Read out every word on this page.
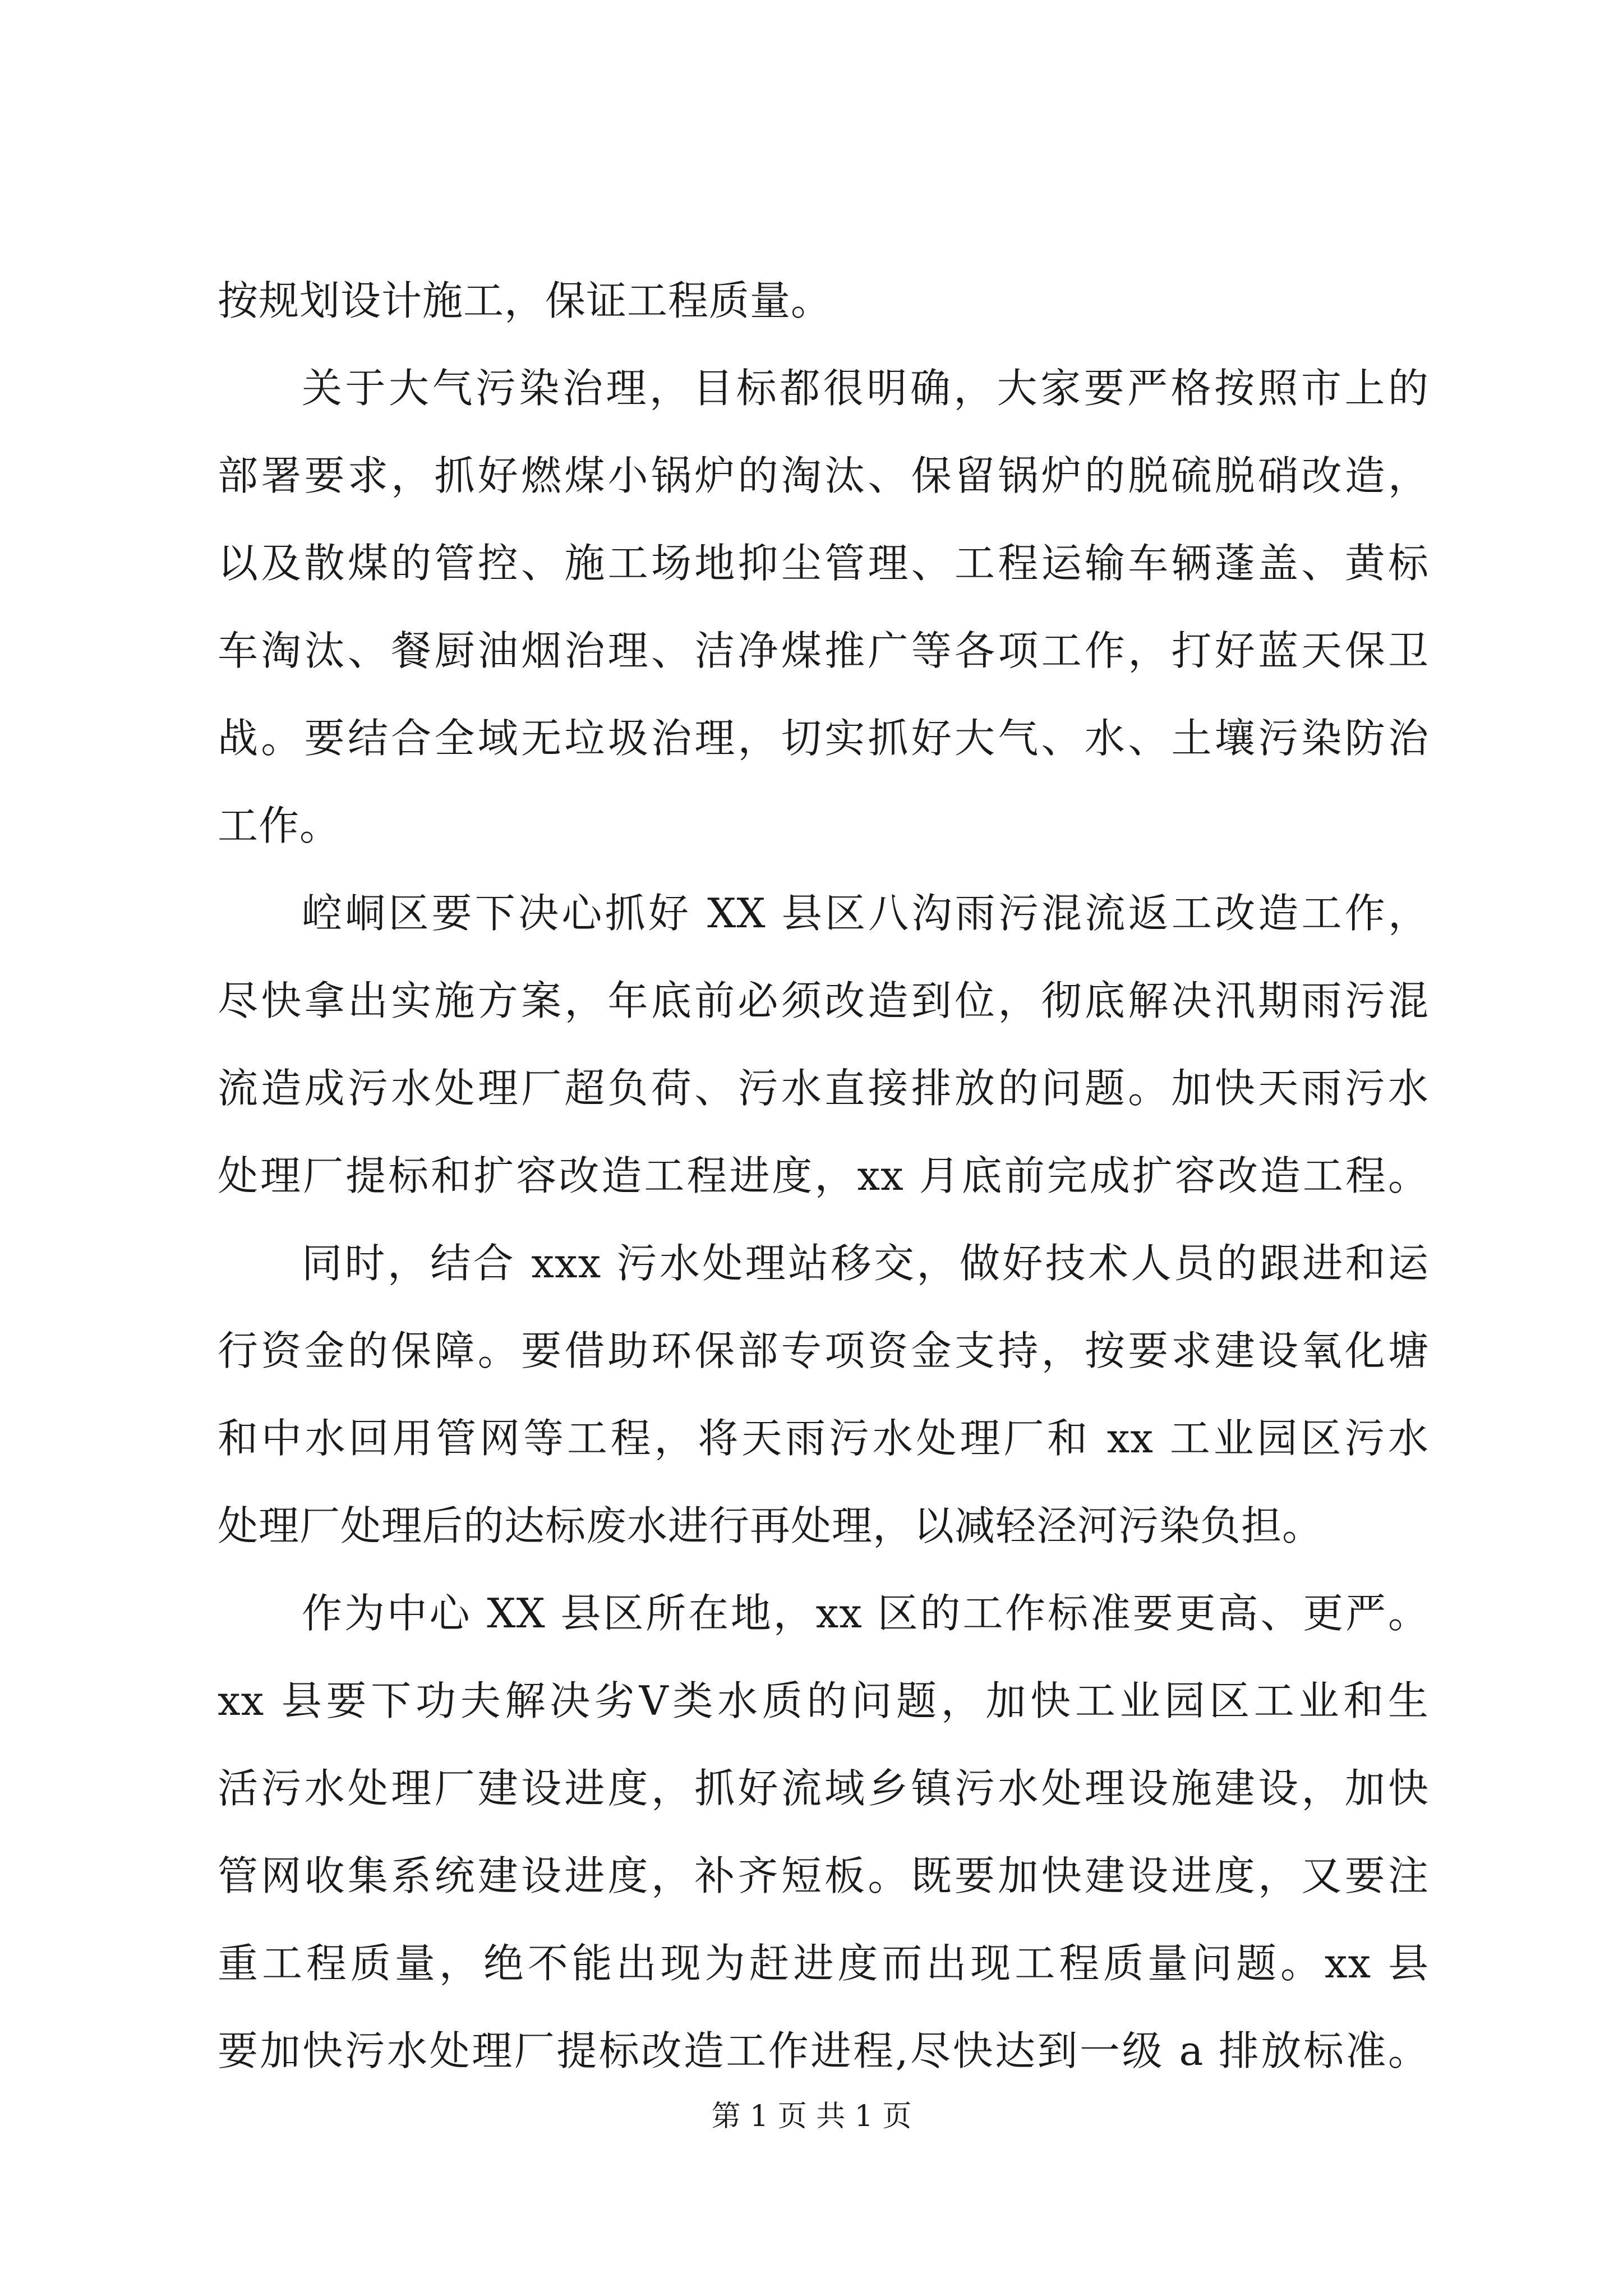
按规划设计施工，保证工程质量。
关于大气污染治理，目标都很明确，大家要严格按照市上的
部署要求，抓好燃煤小锅炉的淘汰、保留锅炉的脱硫脱硝改造，
以及散煤的管控、施工场地抑尘管理、工程运输车辆蓬盖、黄标
车淘汰、餐厨油烟治理、洁净煤推广等各项工作，打好蓝天保卫
战。要结合全域无垃圾治理，切实抓好大气、水、土壤污染防治
工作。
崆峒区要下决心抓好 XX 县区八沟雨污混流返工改造工作，
尽快拿出实施方案，年底前必须改造到位，彻底解决汛期雨污混
流造成污水处理厂超负荷、污水直接排放的问题。加快天雨污水
处理厂提标和扩容改造工程进度，xx 月底前完成扩容改造工程。
同时，结合 xxx 污水处理站移交，做好技术人员的跟进和运
行资金的保障。要借助环保部专项资金支持，按要求建设氧化塘
和中水回用管网等工程，将天雨污水处理厂和 xx 工业园区污水
处理厂处理后的达标废水进行再处理，以减轻泾河污染负担。
作为中心 XX 县区所在地，xx 区的工作标准要更高、更严。
xx 县要下功夫解决劣Ⅴ类水质的问题，加快工业园区工业和生
活污水处理厂建设进度，抓好流域乡镇污水处理设施建设，加快
管网收集系统建设进度，补齐短板。既要加快建设进度，又要注
重工程质量，绝不能出现为赶进度而出现工程质量问题。xx 县
要加快污水处理厂提标改造工作进程,尽快达到一级 a 排放标准。
第 1 页 共 1 页
